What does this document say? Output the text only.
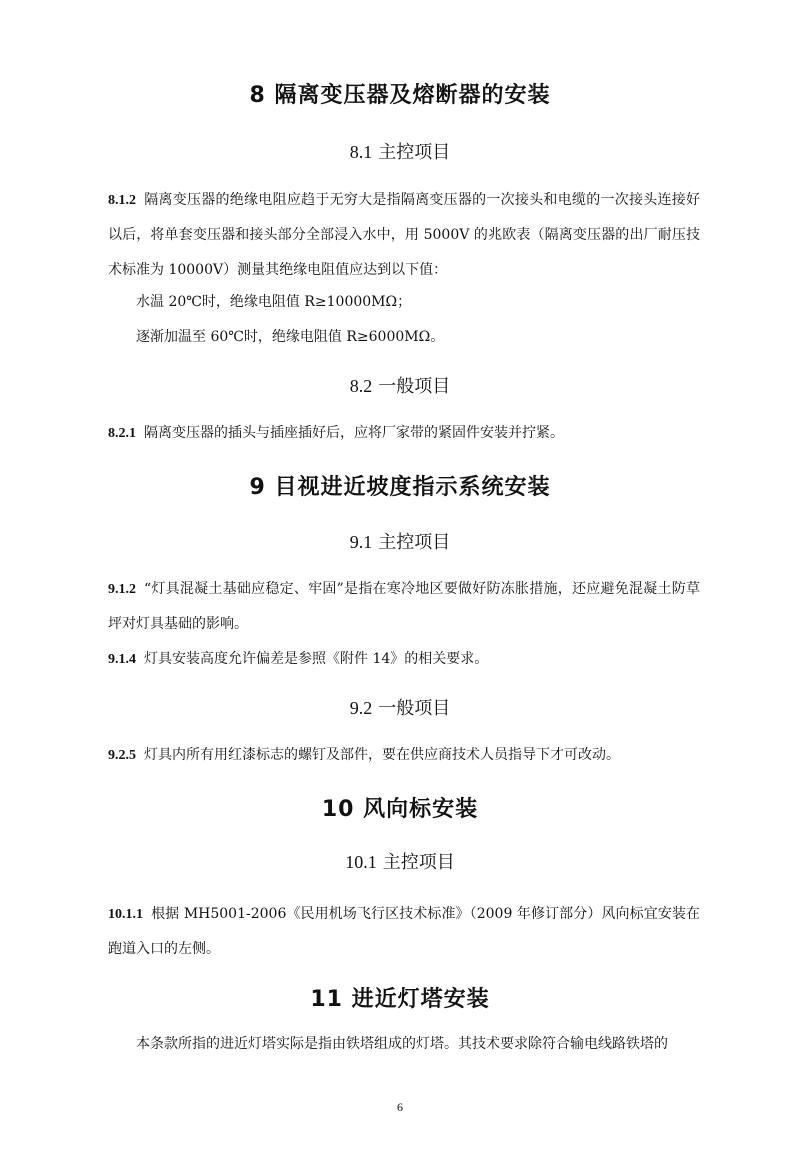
8 隔离变压器及熔断器的安装
8.1 主控项目

8.1.2 隔离变压器的绝缘电阻应趋于无穷大是指隔离变压器的一次接头和电缆的一次接头连接好以后，将单套变压器和接头部分全部浸入水中，用 5000V 的兆欧表（隔离变压器的出厂耐压技术标准为 10000V）测量其绝缘电阻值应达到以下值：

水温 20℃时，绝缘电阻值 R≥10000MΩ；

逐渐加温至 60℃时，绝缘电阻值 R≥6000MΩ。

8.2 一般项目

8.2.1 隔离变压器的插头与插座插好后，应将厂家带的紧固件安装并拧紧。

9 目视进近坡度指示系统安装
9.1 主控项目

9.1.2 “灯具混凝土基础应稳定、牢固”是指在寒冷地区要做好防冻胀措施，还应避免混凝土防草坪对灯具基础的影响。

9.1.4 灯具安装高度允许偏差是参照《附件 14》的相关要求。

9.2 一般项目

9.2.5 灯具内所有用红漆标志的螺钉及部件，要在供应商技术人员指导下才可改动。

10 风向标安装
10.1 主控项目

10.1.1 根据 MH5001-2006《民用机场飞行区技术标准》（2009 年修订部分）风向标宜安装在跑道入口的左侧。

11 进近灯塔安装

本条款所指的进近灯塔实际是指由铁塔组成的灯塔。其技术要求除符合输电线路铁塔的

6
